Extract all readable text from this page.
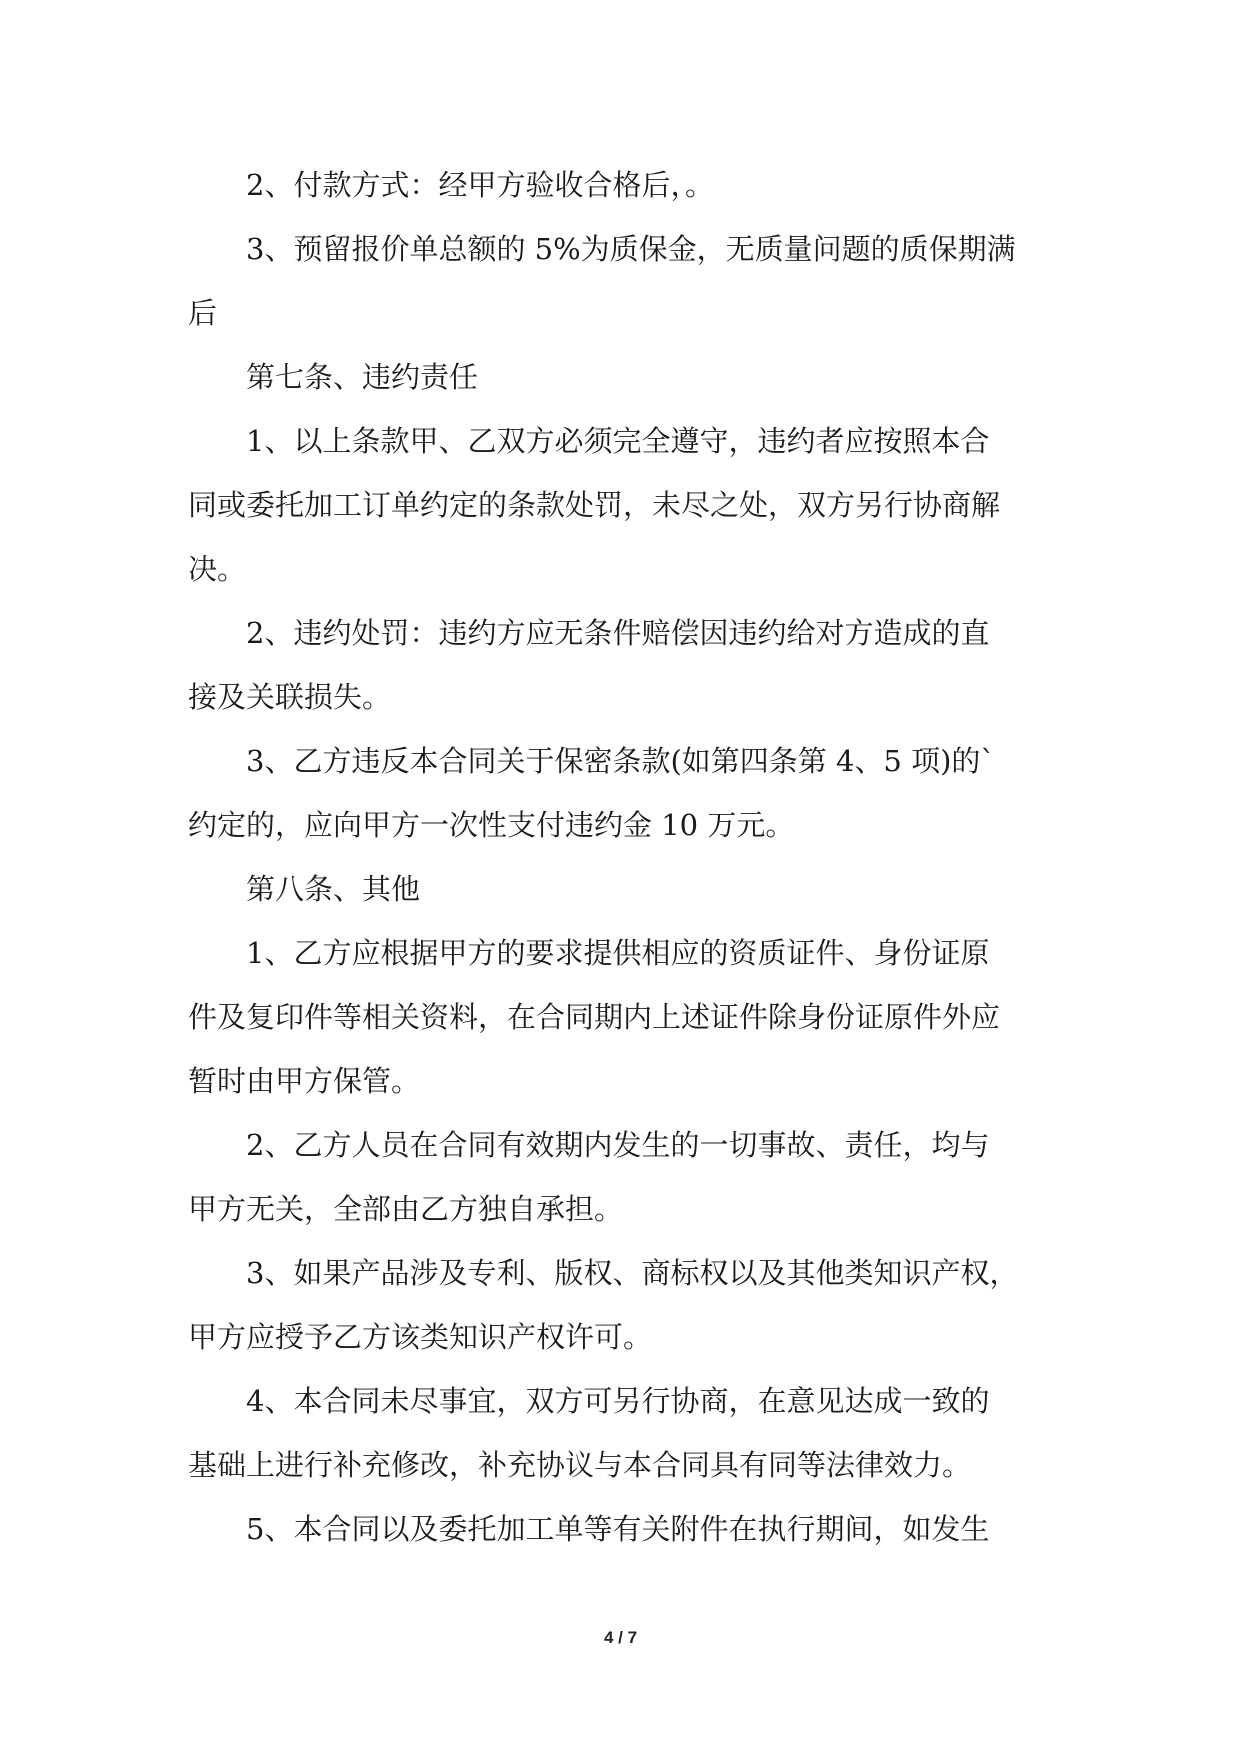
2、付款方式：经甲方验收合格后，。
3、预留报价单总额的 5%为质保金，无质量问题的质保期满
后
第七条、违约责任
1、以上条款甲、乙双方必须完全遵守，违约者应按照本合
同或委托加工订单约定的条款处罚，未尽之处，双方另行协商解
决。
2、违约处罚：违约方应无条件赔偿因违约给对方造成的直
接及关联损失。
3、乙方违反本合同关于保密条款(如第四条第 4、5 项)的`
约定的，应向甲方一次性支付违约金 10 万元。
第八条、其他
1、乙方应根据甲方的要求提供相应的资质证件、身份证原
件及复印件等相关资料，在合同期内上述证件除身份证原件外应
暂时由甲方保管。
2、乙方人员在合同有效期内发生的一切事故、责任，均与
甲方无关，全部由乙方独自承担。
3、如果产品涉及专利、版权、商标权以及其他类知识产权，
甲方应授予乙方该类知识产权许可。
4、本合同未尽事宜，双方可另行协商，在意见达成一致的
基础上进行补充修改，补充协议与本合同具有同等法律效力。
5、本合同以及委托加工单等有关附件在执行期间，如发生
4 / 7
